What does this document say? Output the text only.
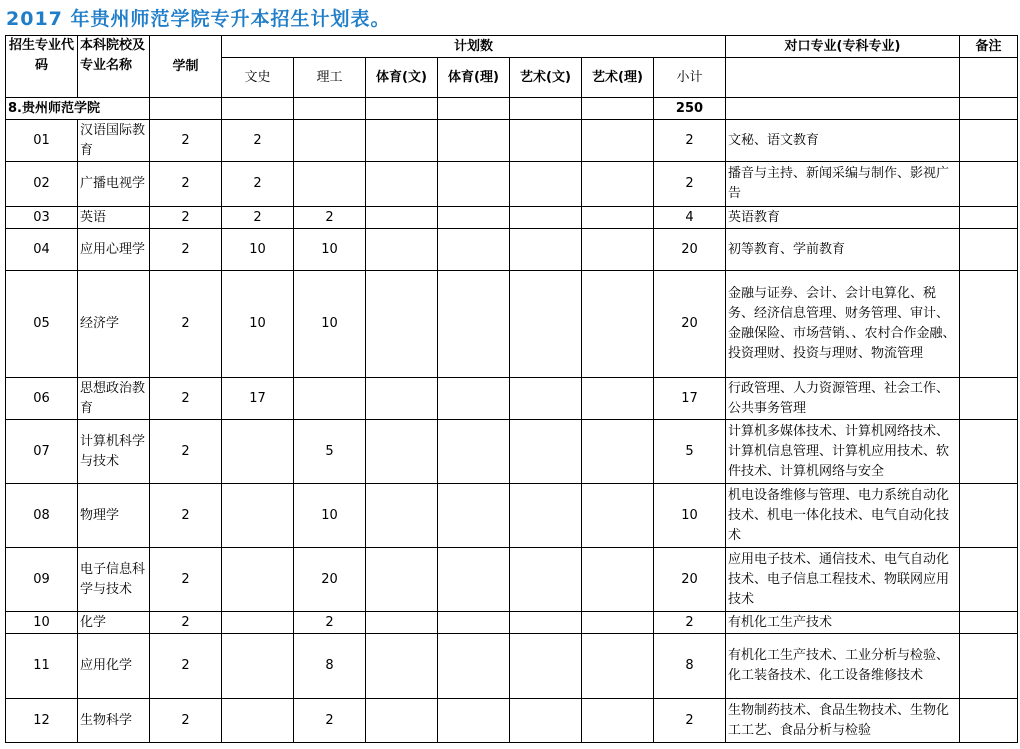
2017 年贵州师范学院专升本招生计划表。
招生专业代码	本科院校及专业名称	学制	计划数							对口专业(专科专业)	备注
			文史	理工	体育(文)	体育(理)	艺术(文)	艺术(理)	小计		
8.贵州师范学院									250		
01	汉语国际教育	2	2						2	文秘、语文教育	
02	广播电视学	2	2						2	播音与主持、新闻采编与制作、影视广告	
03	英语	2	2	2					4	英语教育	
04	应用心理学	2	10	10					20	初等教育、学前教育	
05	经济学	2	10	10					20	金融与证券、会计、会计电算化、税务、经济信息管理、财务管理、审计、金融保险、市场营销、、农村合作金融、投资理财、投资与理财、物流管理	
06	思想政治教育	2	17						17	行政管理、人力资源管理、社会工作、公共事务管理	
07	计算机科学与技术	2		5					5	计算机多媒体技术、计算机网络技术、计算机信息管理、计算机应用技术、软件技术、计算机网络与安全	
08	物理学	2		10					10	机电设备维修与管理、电力系统自动化技术、机电一体化技术、电气自动化技术	
09	电子信息科学与技术	2		20					20	应用电子技术、通信技术、电气自动化技术、电子信息工程技术、物联网应用技术	
10	化学	2		2					2	有机化工生产技术	
11	应用化学	2		8					8	有机化工生产技术、工业分析与检验、化工装备技术、化工设备维修技术	
12	生物科学	2		2					2	生物制药技术、食品生物技术、生物化工工艺、食品分析与检验	
